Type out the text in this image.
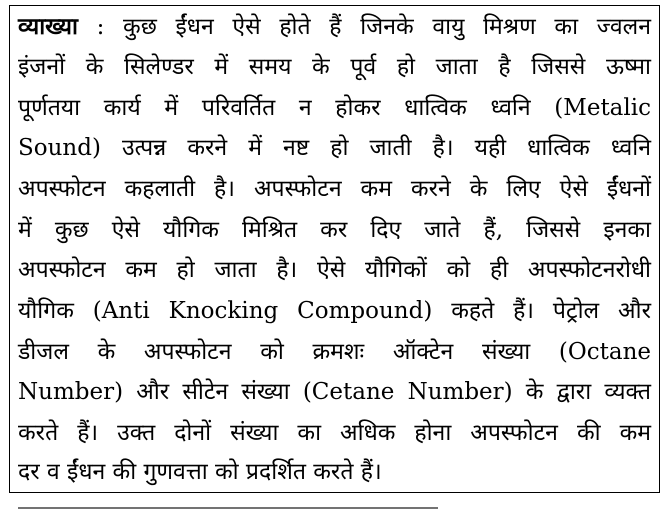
व्याख्या : कुछ ईंधन ऐसे होते हैं जिनके वायु मिश्रण का ज्वलन
इंजनों के सिलेण्डर में समय के पूर्व हो जाता है जिससे ऊष्मा
पूर्णतया कार्य में परिवर्तित न होकर धात्विक ध्वनि (Metalic
Sound) उत्पन्न करने में नष्ट हो जाती है। यही धात्विक ध्वनि
अपस्फोटन कहलाती है। अपस्फोटन कम करने के लिए ऐसे ईंधनों
में कुछ ऐसे यौगिक मिश्रित कर दिए जाते हैं, जिससे इनका
अपस्फोटन कम हो जाता है। ऐसे यौगिकों को ही अपस्फोटनरोधी
यौगिक (Anti Knocking Compound) कहते हैं। पेट्रोल और
डीजल के अपस्फोटन को क्रमशः ऑक्टेन संख्या (Octane
Number) और सीटेन संख्या (Cetane Number) के द्वारा व्यक्त
करते हैं। उक्त दोनों संख्या का अधिक होना अपस्फोटन की कम
दर व ईंधन की गुणवत्ता को प्रदर्शित करते हैं।
